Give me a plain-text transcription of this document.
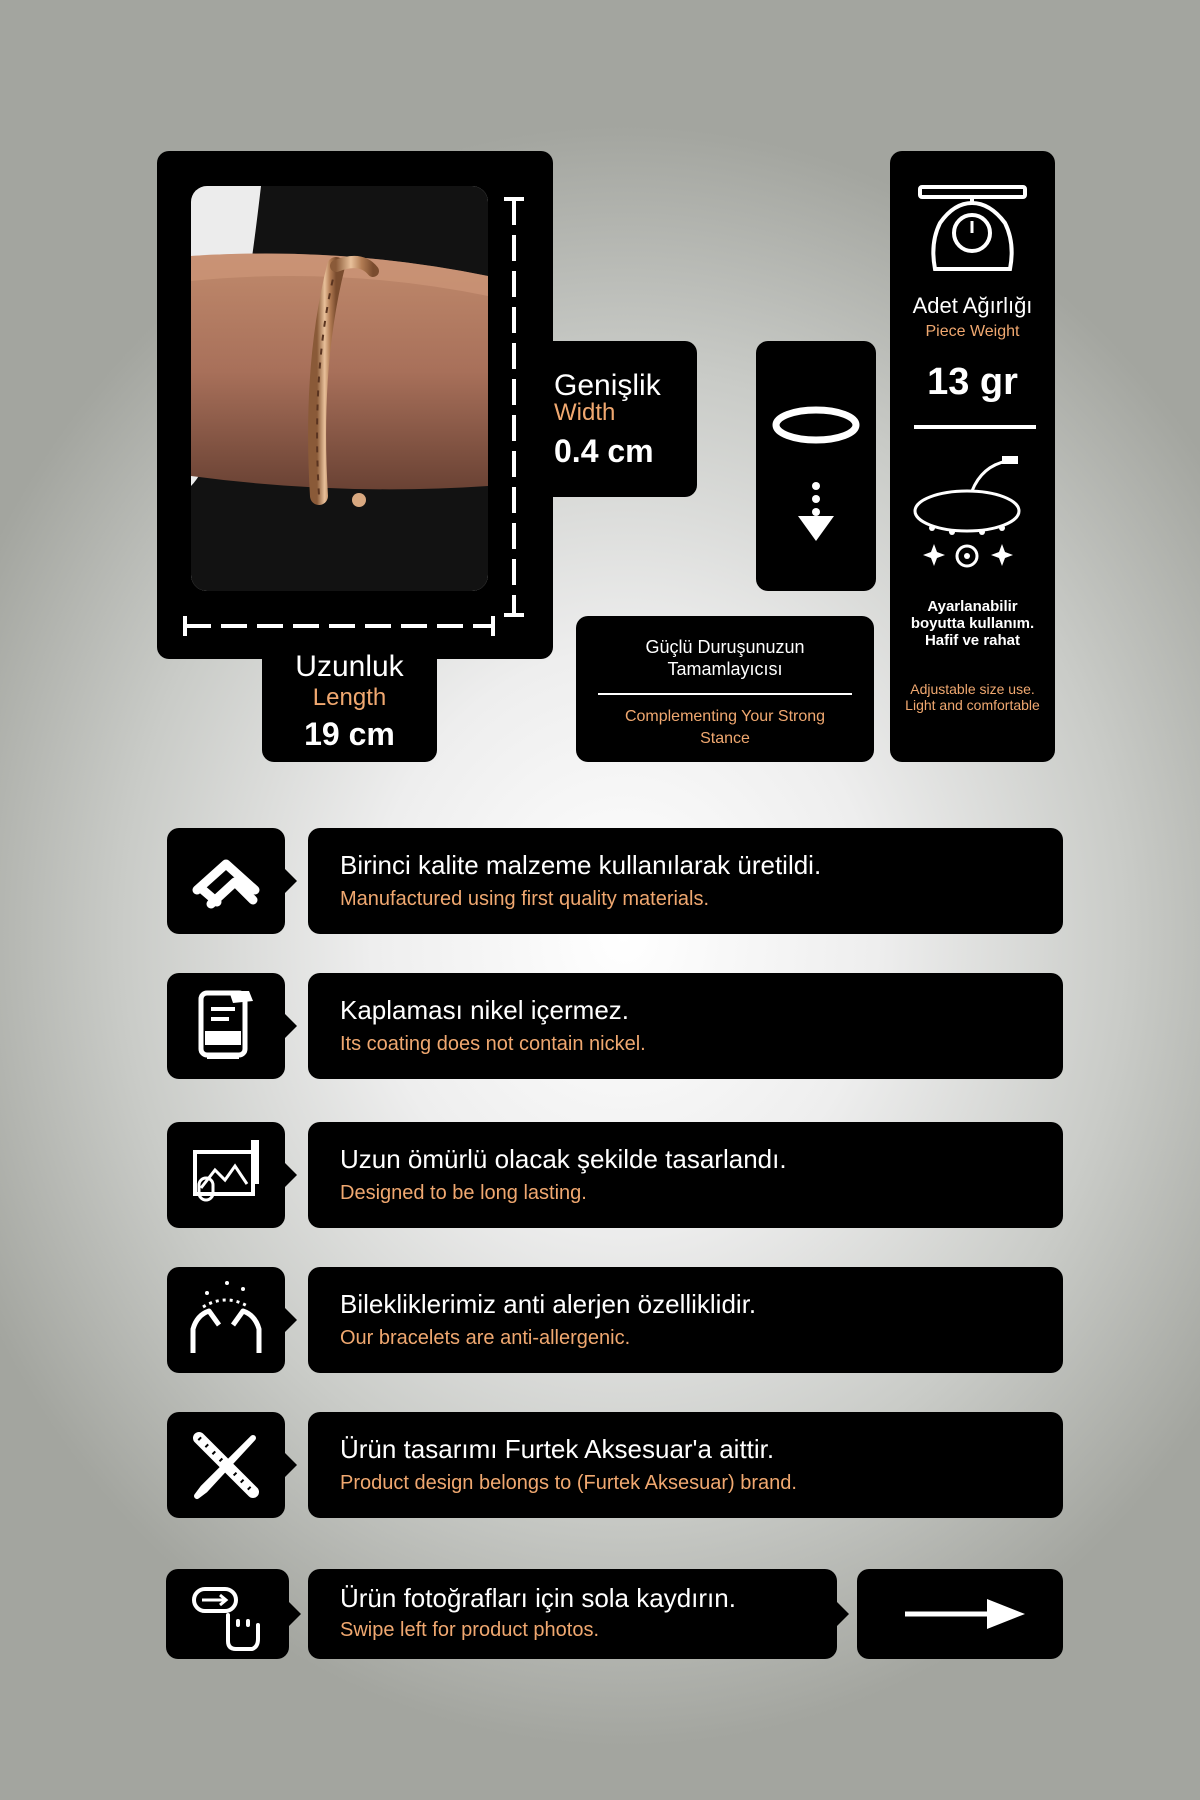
Genişlik
Width
0.4 cm
Uzunluk
Length
19 cm
Güçlü Duruşunuzun Tamamlayıcısı
Complementing Your Strong Stance
Adet Ağırlığı
Piece Weight
13 gr
Ayarlanabilir boyutta kullanım. Hafif ve rahat
Adjustable size use. Light and comfortable
Birinci kalite malzeme kullanılarak üretildi.
Manufactured using first quality materials.
Kaplaması nikel içermez.
Its coating does not contain nickel.
Uzun ömürlü olacak şekilde tasarlandı.
Designed to be long lasting.
Bilekliklerimiz anti alerjen özelliklidir.
Our bracelets are anti-allergenic.
Ürün tasarımı Furtek Aksesuar'a aittir.
Product design belongs to (Furtek Aksesuar) brand.
Ürün fotoğrafları için sola kaydırın.
Swipe left for product photos.
